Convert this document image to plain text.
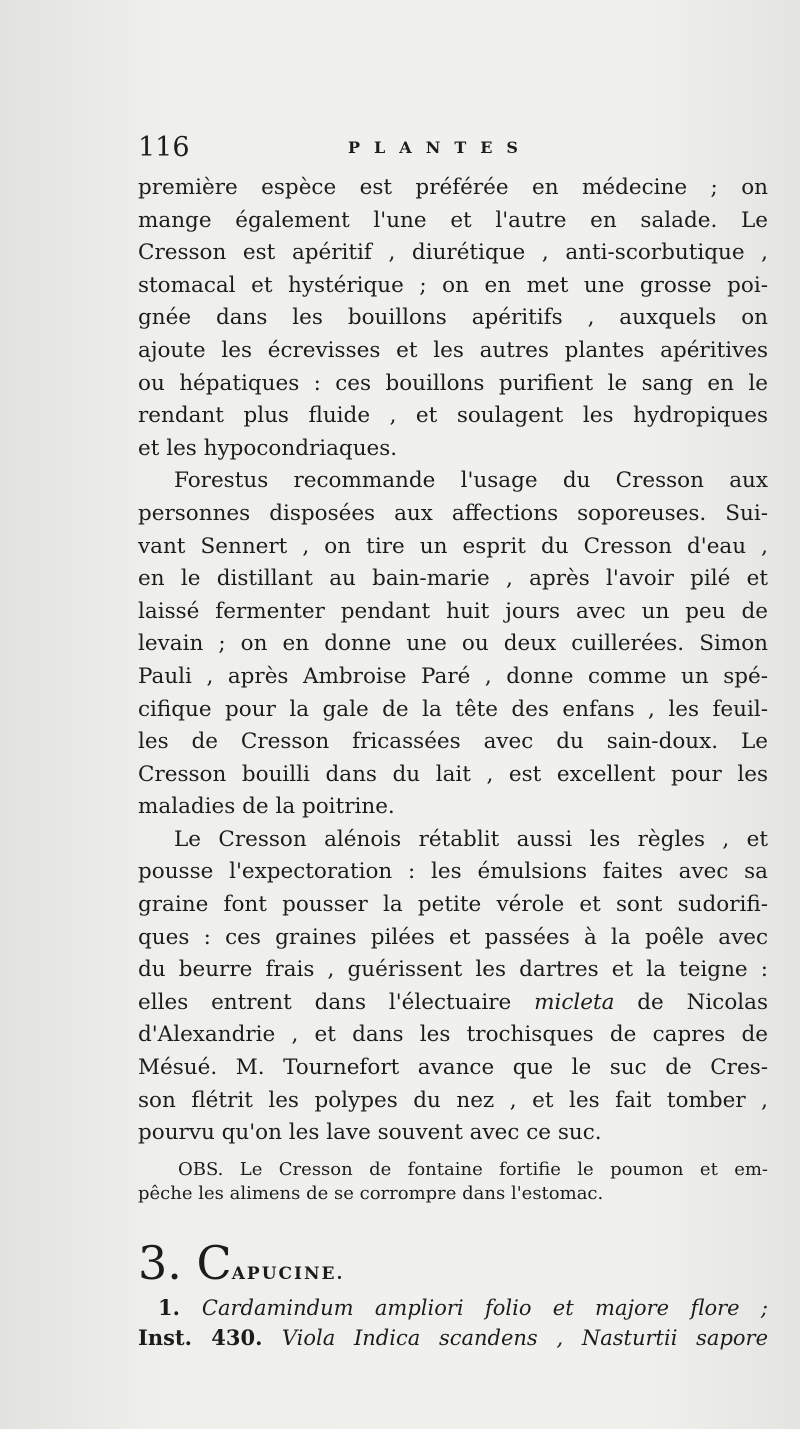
116	PLANTES
première espèce est préférée en médecine ; on
mange également l'une et l'autre en salade. Le
Cresson est apéritif , diurétique , anti-scorbutique ,
stomacal et hystérique ; on en met une grosse poi-
gnée dans les bouillons apéritifs , auxquels on
ajoute les écrevisses et les autres plantes apéritives
ou hépatiques : ces bouillons purifient le sang en le
rendant plus fluide , et soulagent les hydropiques
et les hypocondriaques.
Forestus recommande l'usage du Cresson aux
personnes disposées aux affections soporeuses. Sui-
vant Sennert , on tire un esprit du Cresson d'eau ,
en le distillant au bain-marie , après l'avoir pilé et
laissé fermenter pendant huit jours avec un peu de
levain ; on en donne une ou deux cuillerées. Simon
Pauli , après Ambroise Paré , donne comme un spé-
cifique pour la gale de la tête des enfans , les feuil-
les de Cresson fricassées avec du sain-doux. Le
Cresson bouilli dans du lait , est excellent pour les
maladies de la poitrine.
Le Cresson alénois rétablit aussi les règles , et
pousse l'expectoration : les émulsions faites avec sa
graine font pousser la petite vérole et sont sudorifi-
ques : ces graines pilées et passées à la poêle avec
du beurre frais , guérissent les dartres et la teigne :
elles entrent dans l'électuaire micleta de Nicolas
d'Alexandrie , et dans les trochisques de capres de
Mésué. M. Tournefort avance que le suc de Cres-
son flétrit les polypes du nez , et les fait tomber ,
pourvu qu'on les lave souvent avec ce suc.
OBS. Le Cresson de fontaine fortifie le poumon et em-
pêche les alimens de se corrompre dans l'estomac.
3. CAPUCINE.
1. Cardamindum ampliori folio et majore flore ;
Inst. 430. Viola Indica scandens , Nasturtii sapore
